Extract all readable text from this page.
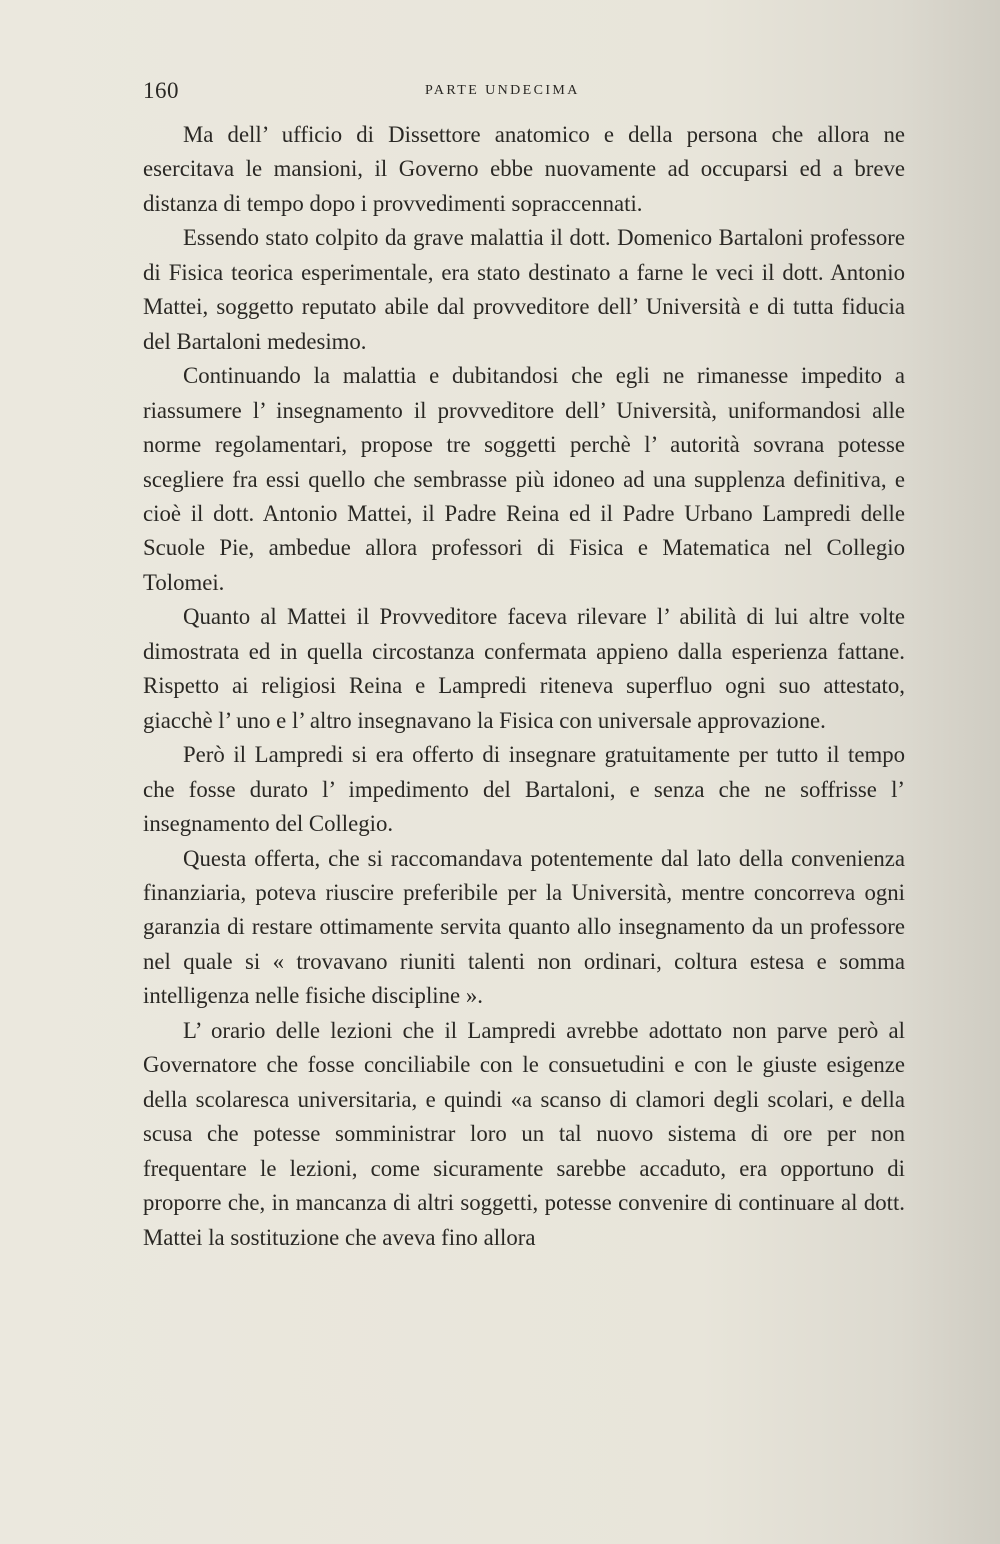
160	PARTE UNDECIMA

Ma dell’ ufficio di Dissettore anatomico e della persona che allora ne esercitava le mansioni, il Governo ebbe nuovamente ad occuparsi ed a breve distanza di tempo dopo i provvedimenti sopraccennati.

Essendo stato colpito da grave malattia il dott. Domenico Bartaloni professore di Fisica teorica esperimentale, era stato destinato a farne le veci il dott. Antonio Mattei, soggetto reputato abile dal provveditore dell’ Università e di tutta fiducia del Bartaloni medesimo.

Continuando la malattia e dubitandosi che egli ne rimanesse impedito a riassumere l’ insegnamento il provveditore dell’ Università, uniformandosi alle norme regolamentari, propose tre soggetti perchè l’ autorità sovrana potesse scegliere fra essi quello che sembrasse più idoneo ad una supplenza definitiva, e cioè il dott. Antonio Mattei, il Padre Reina ed il Padre Urbano Lampredi delle Scuole Pie, ambedue allora professori di Fisica e Matematica nel Collegio Tolomei.

Quanto al Mattei il Provveditore faceva rilevare l’ abilità di lui altre volte dimostrata ed in quella circostanza confermata appieno dalla esperienza fattane. Rispetto ai religiosi Reina e Lampredi riteneva superfluo ogni suo attestato, giacchè l’ uno e l’ altro insegnavano la Fisica con universale approvazione.

Però il Lampredi si era offerto di insegnare gratuitamente per tutto il tempo che fosse durato l’ impedimento del Bartaloni, e senza che ne soffrisse l’ insegnamento del Collegio.

Questa offerta, che si raccomandava potentemente dal lato della convenienza finanziaria, poteva riuscire preferibile per la Università, mentre concorreva ogni garanzia di restare ottimamente servita quanto allo insegnamento da un professore nel quale si « trovavano riuniti talenti non ordinari, coltura estesa e somma intelligenza nelle fisiche discipline ».

L’ orario delle lezioni che il Lampredi avrebbe adottato non parve però al Governatore che fosse conciliabile con le consuetudini e con le giuste esigenze della scolaresca universitaria, e quindi «a scanso di clamori degli scolari, e della scusa che potesse somministrar loro un tal nuovo sistema di ore per non frequentare le lezioni, come sicuramente sarebbe accaduto, era opportuno di proporre che, in mancanza di altri soggetti, potesse convenire di continuare al dott. Mattei la sostituzione che aveva fino allora
